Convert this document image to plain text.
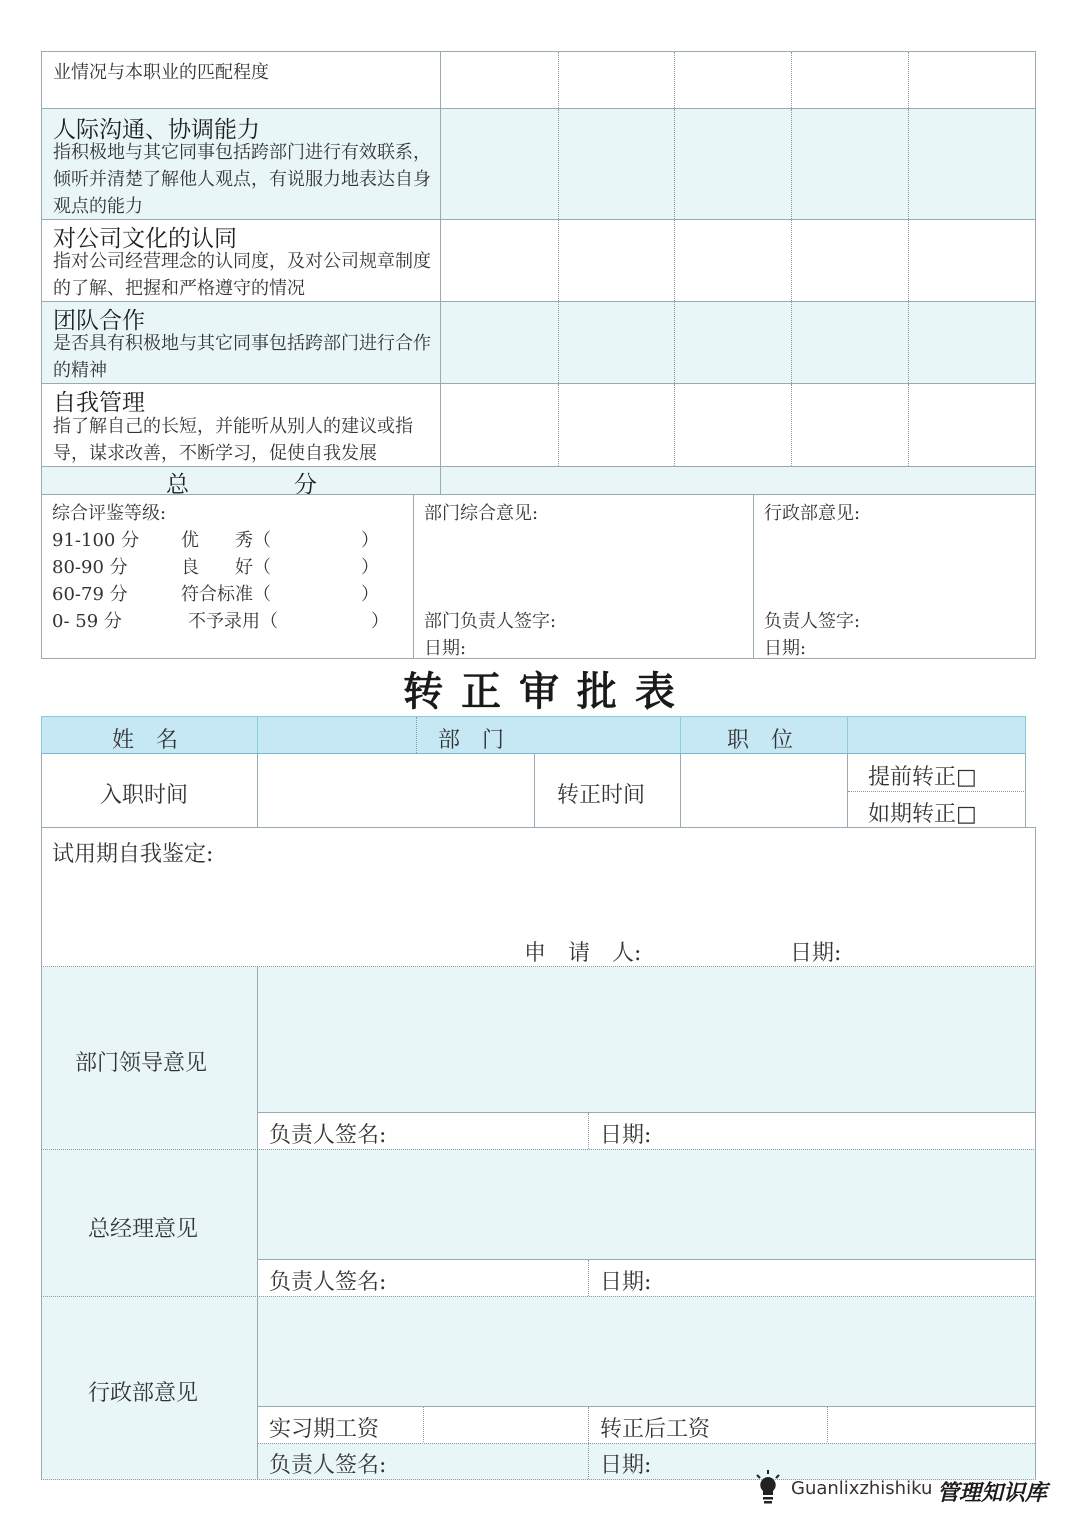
业情况与本职业的匹配程度
人际沟通、协调能力
指积极地与其它同事包括跨部门进行有效联系，倾听并清楚了解他人观点，有说服力地表达自身观点的能力
对公司文化的认同
指对公司经营理念的认同度，及对公司规章制度的了解、把握和严格遵守的情况
团队合作
是否具有积极地与其它同事包括跨部门进行合作的精神
自我管理
指了解自己的长短，并能听从别人的建议或指导，谋求改善，不断学习，促使自我发展
总	分
综合评鉴等级:
91-100 分 优　　秀（	）
80-90 分	良　　好（	）
60-79 分	符合标准（	）
0- 59 分	不予录用（	）
部门综合意见:
部门负责人签字:
日期:
行政部意见:
负责人签字:
日期:
转 正 审 批 表
姓　名	部　门	职　位
入职时间	转正时间
提前转正□
如期转正□
试用期自我鉴定:
申　请　人:	日期:
部门领导意见
负责人签名:	日期:
总经理意见
负责人签名:	日期:
行政部意见
实习期工资	转正后工资
负责人签名:	日期:
Guanlixzhishiku 管理知识库
